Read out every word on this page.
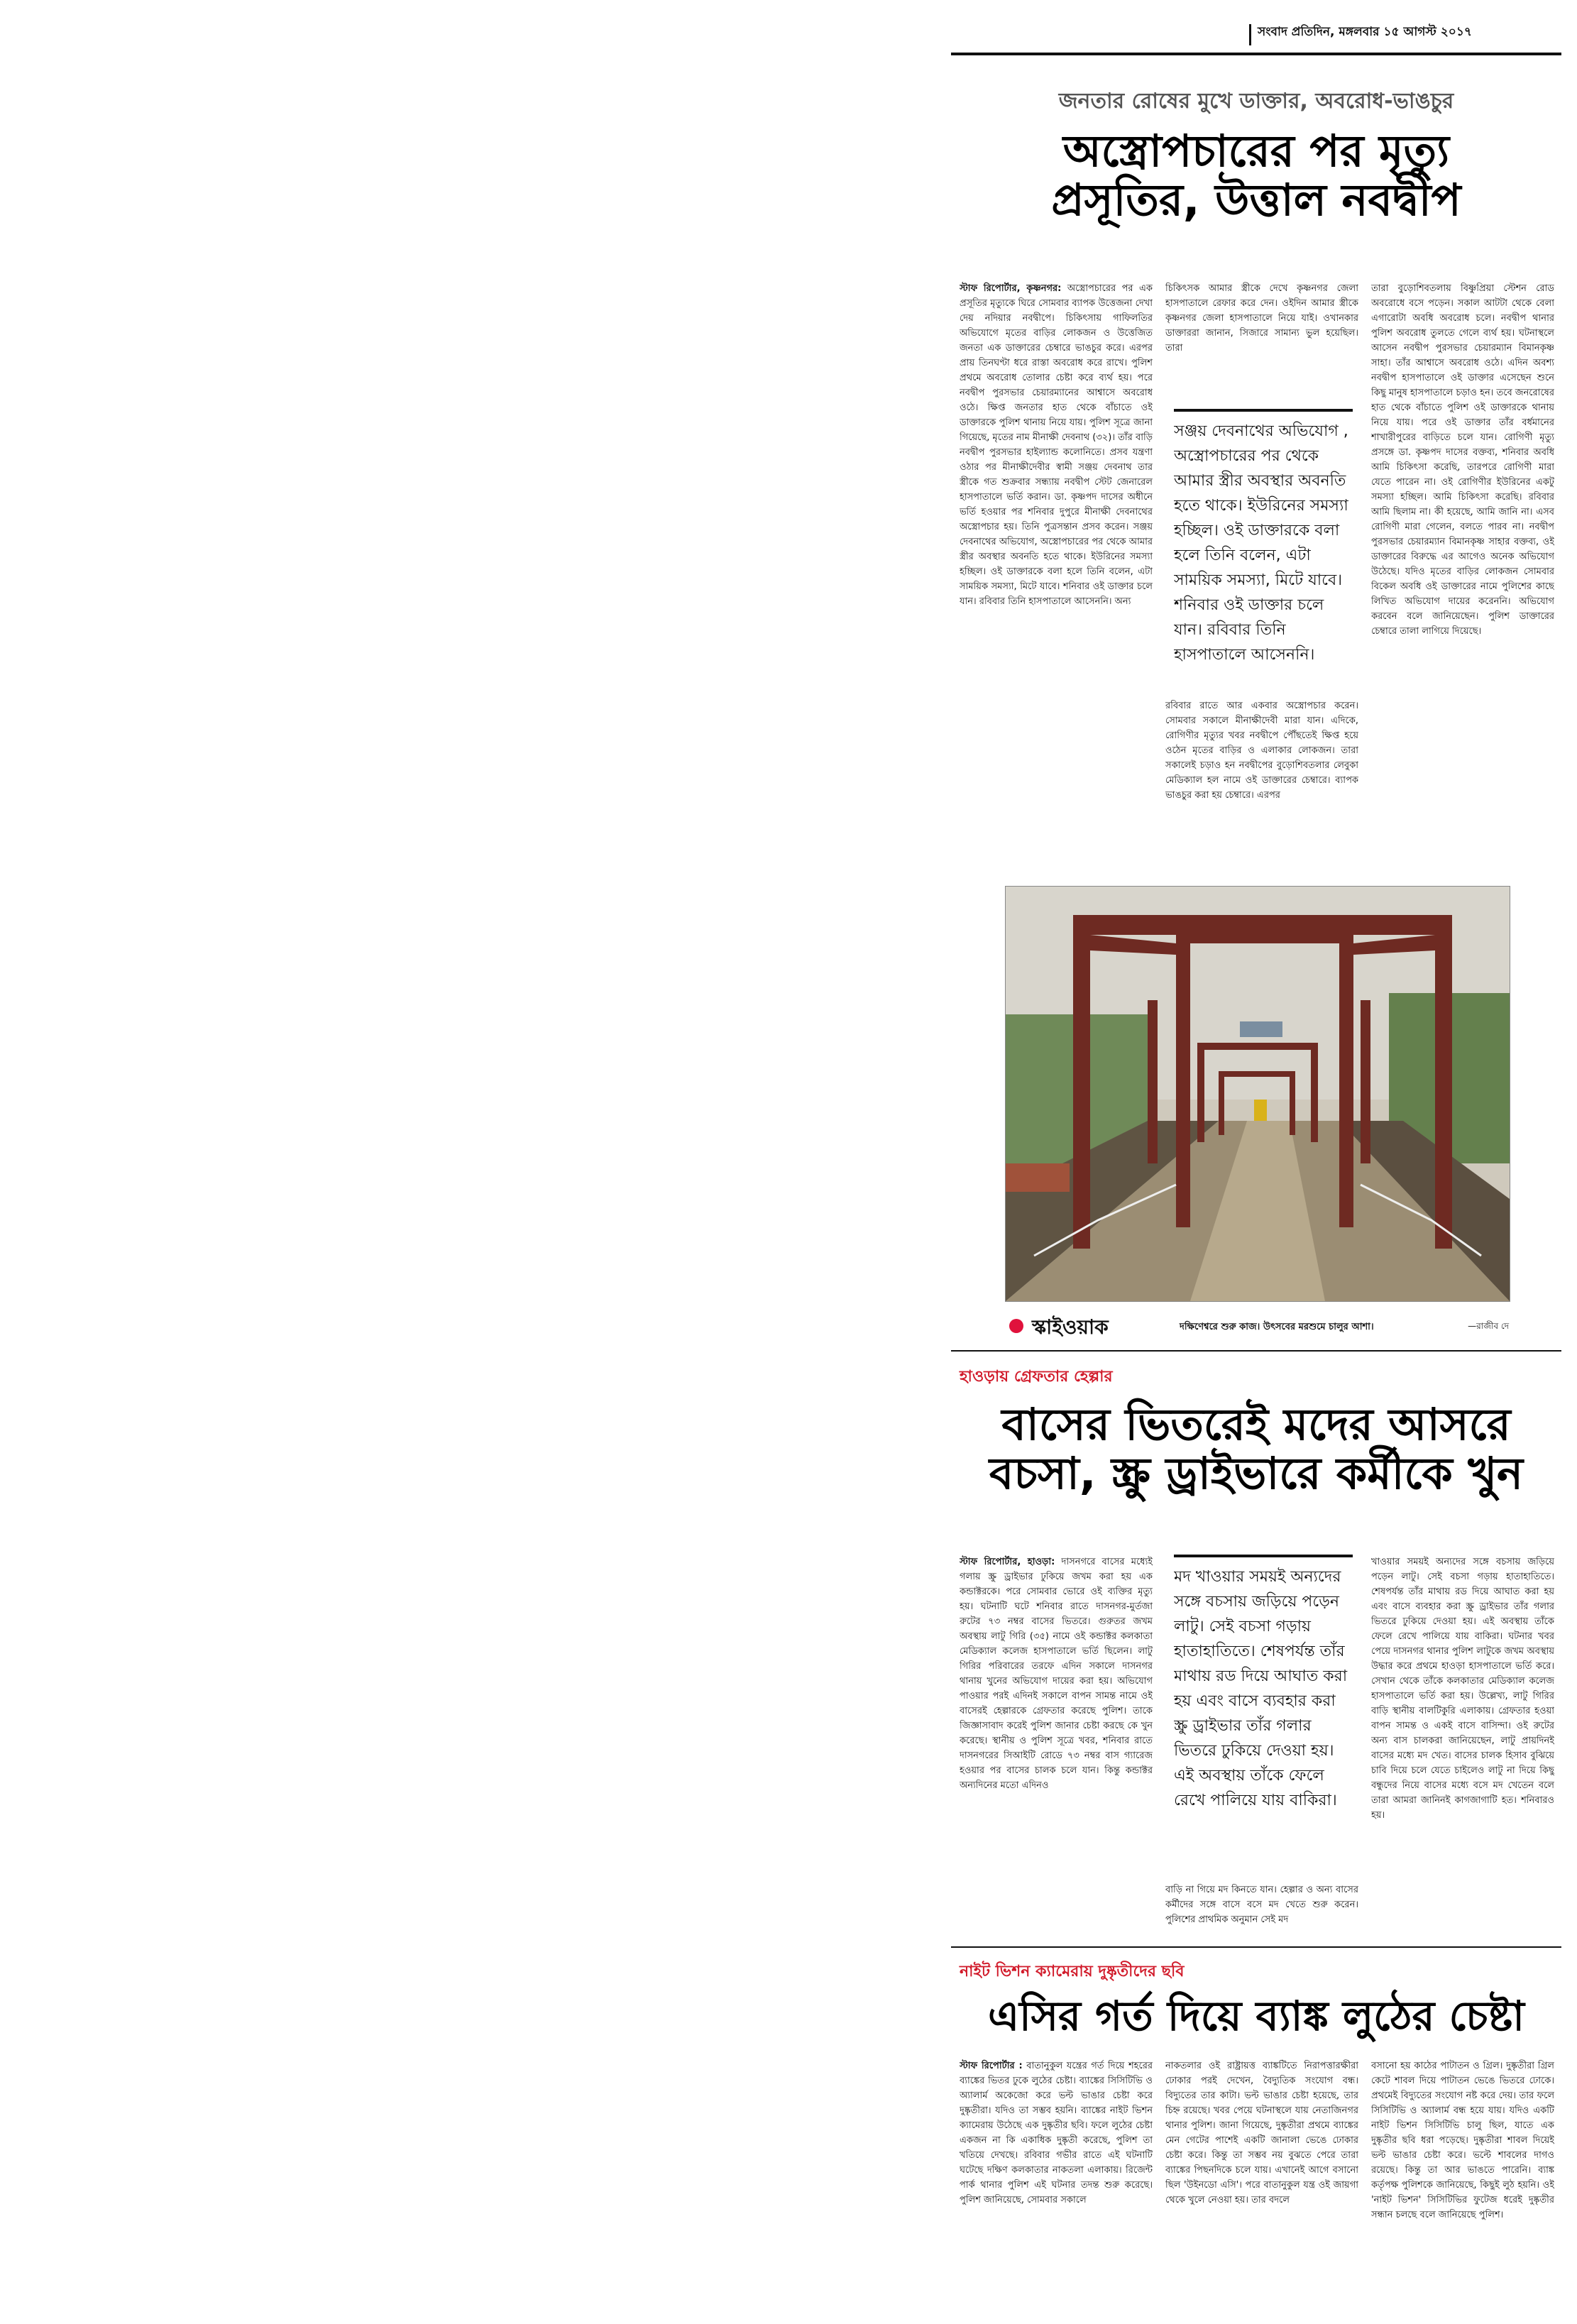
সংবাদ প্রতিদিন, মঙ্গলবার ১৫ আগস্ট ২০১৭
জনতার রোষের মুখে ডাক্তার, অবরোধ-ভাঙচুর
অস্ত্রোপচারের পর মৃত্যু
প্রসূতির, উত্তাল নবদ্বীপ

স্টাফ রিপোর্টার, কৃষ্ণনগর: অস্ত্রোপচারের পর এক প্রসূতির মৃত্যুকে ঘিরে সোমবার ব্যাপক উত্তেজনা দেখা দেয় নদিয়ার নবদ্বীপে। চিকিৎসায় গাফিলতির অভিযোগে মৃতের বাড়ির লোকজন ও উত্তেজিত জনতা এক ডাক্তারের চেম্বারে ভাঙচুর করে। এরপর প্রায় তিনঘণ্টা ধরে রাস্তা অবরোধ করে রাখে। পুলিশ প্রথমে অবরোধ তোলার চেষ্টা করে ব্যর্থ হয়। পরে নবদ্বীপ পুরসভার চেয়ারম্যানের আশ্বাসে অবরোধ ওঠে। ক্ষিপ্ত জনতার হাত থেকে বাঁচাতে ওই ডাক্তারকে পুলিশ থানায় নিয়ে যায়। পুলিশ সূত্রে জানা গিয়েছে, মৃতের নাম মীনাক্ষী দেবনাথ (৩২)। তাঁর বাড়ি নবদ্বীপ পুরসভার হাইল্যান্ড কলোনিতে। প্রসব যন্ত্রণা ওঠার পর মীনাক্ষীদেবীর স্বামী সঞ্জয় দেবনাথ তার স্ত্রীকে গত শুক্রবার সন্ধ্যায় নবদ্বীপ স্টেট জেনারেল হাসপাতালে ভর্তি করান। ডা. কৃষ্ণপদ দাসের অধীনে ভর্তি হওয়ার পর শনিবার দুপুরে মীনাক্ষী দেবনাথের অস্ত্রোপচার হয়। তিনি পুত্রসন্তান প্রসব করেন। সঞ্জয় দেবনাথের অভিযোগ, অস্ত্রোপচারের পর থেকে আমার স্ত্রীর অবস্থার অবনতি হতে থাকে। ইউরিনের সমস্যা হচ্ছিল। ওই ডাক্তারকে বলা হলে তিনি বলেন, এটা সাময়িক সমস্যা, মিটে যাবে। শনিবার ওই ডাক্তার চলে যান। রবিবার তিনি হাসপাতালে আসেননি। অন্য

চিকিৎসক আমার স্ত্রীকে দেখে কৃষ্ণনগর জেলা হাসপাতালে রেফার করে দেন। ওইদিন আমার স্ত্রীকে কৃষ্ণনগর জেলা হাসপাতালে নিয়ে যাই। ওখানকার ডাক্তাররা জানান, সিজারে সামান্য ভুল হয়েছিল। তারা

সঞ্জয় দেবনাথের অভিযোগ , অস্ত্রোপচারের পর থেকে আমার স্ত্রীর অবস্থার অবনতি হতে থাকে। ইউরিনের সমস্যা হচ্ছিল। ওই ডাক্তারকে বলা হলে তিনি বলেন, এটা সাময়িক সমস্যা, মিটে যাবে। শনিবার ওই ডাক্তার চলে যান। রবিবার তিনি হাসপাতালে আসেননি।

রবিবার রাতে আর একবার অস্ত্রোপচার করেন। সোমবার সকালে মীনাক্ষীদেবী মারা যান। এদিকে, রোগিণীর মৃত্যুর খবর নবদ্বীপে পৌঁছতেই ক্ষিপ্ত হয়ে ওঠেন মৃতের বাড়ির ও এলাকার লোকজন। তারা সকালেই চড়াও হন নবদ্বীপের বুড়োশিবতলার লেবুকা মেডিক্যাল হল নামে ওই ডাক্তারের চেম্বারে। ব্যাপক ভাঙচুর করা হয় চেম্বারে। এরপর

তারা বুড়োশিবতলায় বিষ্ণুপ্রিয়া স্টেশন রোড অবরোধে বসে পড়েন। সকাল আটটা থেকে বেলা এগারোটা অবধি অবরোধ চলে। নবদ্বীপ থানার পুলিশ অবরোধ তুলতে গেলে ব্যর্থ হয়। ঘটনাস্থলে আসেন নবদ্বীপ পুরসভার চেয়ারম্যান বিমানকৃষ্ণ সাহা। তাঁর আশ্বাসে অবরোধ ওঠে। এদিন অবশ্য নবদ্বীপ হাসপাতালে ওই ডাক্তার এসেছেন শুনে কিছু মানুষ হাসপাতালে চড়াও হন। তবে জনরোষের হাত থেকে বাঁচাতে পুলিশ ওই ডাক্তারকে থানায় নিয়ে যায়। পরে ওই ডাক্তার তাঁর বর্ধমানের শাখারীপুরের বাড়িতে চলে যান। রোগিণী মৃত্যু প্রসঙ্গে ডা. কৃষ্ণপদ দাসের বক্তব্য, শনিবার অবধি আমি চিকিৎসা করেছি, তারপরে রোগিণী মারা যেতে পারেন না। ওই রোগিণীর ইউরিনের একটু সমস্যা হচ্ছিল। আমি চিকিৎসা করেছি। রবিবার আমি ছিলাম না। কী হয়েছে, আমি জানি না। এসব রোগিণী মারা গেলেন, বলতে পারব না। নবদ্বীপ পুরসভার চেয়ারম্যান বিমানকৃষ্ণ সাহার বক্তব্য, ওই ডাক্তারের বিরুদ্ধে এর আগেও অনেক অভিযোগ উঠেছে। যদিও মৃতের বাড়ির লোকজন সোমবার বিকেল অবধি ওই ডাক্তারের নামে পুলিশের কাছে লিখিত অভিযোগ দায়ের করেননি। অভিযোগ করবেন বলে জানিয়েছেন। পুলিশ ডাক্তারের চেম্বারে তালা লাগিয়ে দিয়েছে।

স্কাইওয়াক	দক্ষিণেশ্বরে শুরু কাজ। উৎসবের মরশুমে চালুর আশা।	—রাজীব দে
হাওড়ায় গ্রেফতার হেল্পার
বাসের ভিতরেই মদের আসরে
বচসা, স্ক্রু ড্রাইভারে কর্মীকে খুন

স্টাফ রিপোর্টার, হাওড়া: দাসনগরে বাসের মধ্যেই গলায় স্ক্রু ড্রাইভার ঢুকিয়ে জখম করা হয় এক কন্ডাক্টরকে। পরে সোমবার ভোরে ওই ব্যক্তির মৃত্যু হয়। ঘটনাটি ঘটে শনিবার রাতে দাসনগর-মুর্তজা রুটের ৭৩ নম্বর বাসের ভিতরে। গুরুতর জখম অবস্থায় লাটু গিরি (৩৫) নামে ওই কন্ডাক্টর কলকাতা মেডিক্যাল কলেজ হাসপাতালে ভর্তি ছিলেন। লাটু গিরির পরিবারের তরফে এদিন সকালে দাসনগর থানায় খুনের অভিযোগ দায়ের করা হয়। অভিযোগ পাওয়ার পরই এদিনই সকালে বাপন সামন্ত নামে ওই বাসেরই হেল্পারকে গ্রেফতার করেছে পুলিশ। তাকে জিজ্ঞাসাবাদ করেই পুলিশ জানার চেষ্টা করছে কে খুন করেছে। স্থানীয় ও পুলিশ সূত্রে খবর, শনিবার রাতে দাসনগরের সিআইটি রোডে ৭৩ নম্বর বাস গ্যারেজ হওয়ার পর বাসের চালক চলে যান। কিন্তু কন্ডাক্টর অন্যদিনের মতো এদিনও

মদ খাওয়ার সময়ই অন্যদের সঙ্গে বচসায় জড়িয়ে পড়েন লাটু। সেই বচসা গড়ায় হাতাহাতিতে। শেষপর্যন্ত তাঁর মাথায় রড দিয়ে আঘাত করা হয় এবং বাসে ব্যবহার করা স্ক্রু ড্রাইভার তাঁর গলার ভিতরে ঢুকিয়ে দেওয়া হয়। এই অবস্থায় তাঁকে ফেলে রেখে পালিয়ে যায় বাকিরা।

বাড়ি না গিয়ে মদ কিনতে যান। হেল্পার ও অন্য বাসের কর্মীদের সঙ্গে বাসে বসে মদ খেতে শুরু করেন। পুলিশের প্রাথমিক অনুমান সেই মদ

খাওয়ার সময়ই অন্যদের সঙ্গে বচসায় জড়িয়ে পড়েন লাটু। সেই বচসা গড়ায় হাতাহাতিতে। শেষপর্যন্ত তাঁর মাথায় রড দিয়ে আঘাত করা হয় এবং বাসে ব্যবহার করা স্ক্রু ড্রাইভার তাঁর গলার ভিতরে ঢুকিয়ে দেওয়া হয়। এই অবস্থায় তাঁকে ফেলে রেখে পালিয়ে যায় বাকিরা। ঘটনার খবর পেয়ে দাসনগর থানার পুলিশ লাটুকে জখম অবস্থায় উদ্ধার করে প্রথমে হাওড়া হাসপাতালে ভর্তি করে। সেখান থেকে তাঁকে কলকাতার মেডিক্যাল কলেজ হাসপাতালে ভর্তি করা হয়। উল্লেখ্য, লাটু গিরির বাড়ি স্থানীয় বালটিকুরি এলাকায়। গ্রেফতার হওয়া বাপন সামন্ত ও একই বাসে বাসিন্দা। ওই রুটের অন্য বাস চালকরা জানিয়েছেন, লাটু প্রায়দিনই বাসের মধ্যে মদ খেত। বাসের চালক হিসাব বুঝিয়ে চাবি দিয়ে চলে যেতে চাইলেও লাটু না দিয়ে কিছু বন্ধুদের নিয়ে বাসের মধ্যে বসে মদ খেতেন বলে তারা আমরা জানিনই কাগজাগাটি হত। শনিবারও হয়।

নাইট ভিশন ক্যামেরায় দুষ্কৃতীদের ছবি
এসির গর্ত দিয়ে ব্যাঙ্ক লুঠের চেষ্টা

স্টাফ রিপোর্টার : বাতানুকুল যন্ত্রের গর্ত দিয়ে শহরের ব্যাঙ্কের ভিতর ঢুকে লুঠের চেষ্টা। ব্যাঙ্কের সিসিটিভি ও অ্যালার্ম অকেজো করে ভল্ট ভাঙার চেষ্টা করে দুষ্কৃতীরা। যদিও তা সম্ভব হয়নি। ব্যাঙ্কের নাইট ভিশন ক্যামেরায় উঠেছে এক দুষ্কৃতীর ছবি। ফলে লুঠের চেষ্টা একজন না কি একাধিক দুষ্কৃতী করেছে, পুলিশ তা খতিয়ে দেখছে। রবিবার গভীর রাতে এই ঘটনাটি ঘটেছে দক্ষিণ কলকাতার নাকতলা এলাকায়। রিজেন্ট পার্ক থানার পুলিশ এই ঘটনার তদন্ত শুরু করেছে। পুলিশ জানিয়েছে, সোমবার সকালে

নাকতলার ওই রাষ্ট্রায়ত্ত ব্যাঙ্কটিতে নিরাপত্তারক্ষীরা ঢোকার পরই দেখেন, বৈদ্যুতিক সংযোগ বন্ধ। বিদ্যুতের তার কাটা। ভল্ট ভাঙার চেষ্টা হয়েছে, তার চিহ্ন রয়েছে। খবর পেয়ে ঘটনাস্থলে যায় নেতাজিনগর থানার পুলিশ। জানা গিয়েছে, দুষ্কৃতীরা প্রথমে ব্যাঙ্কের মেন গেটের পাশেই একটি জানালা ভেঙে ঢোকার চেষ্টা করে। কিন্তু তা সম্ভব নয় বুঝতে পেরে তারা ব্যাঙ্কের পিছনদিকে চলে যায়। এখানেই আগে বসানো ছিল 'উইনডো এসি'। পরে বাতানুকুল যন্ত্র ওই জায়গা থেকে খুলে নেওয়া হয়। তার বদলে

বসানো হয় কাঠের পাটাতন ও গ্রিল। দুষ্কৃতীরা গ্রিল কেটে শাবল দিয়ে পাটাতন ভেঙে ভিতরে ঢোকে। প্রথমেই বিদ্যুতের সংযোগ নষ্ট করে দেয়। তার ফলে সিসিটিভি ও অ্যালার্ম বন্ধ হয়ে যায়। যদিও একটি নাইট ভিশন সিসিটিভি চালু ছিল, যাতে এক দুষ্কৃতীর ছবি ধরা পড়েছে। দুষ্কৃতীরা শাবল দিয়েই ভল্ট ভাঙার চেষ্টা করে। ভল্টে শাবলের দাগও রয়েছে। কিন্তু তা আর ভাঙতে পারেনি। ব্যাঙ্ক কর্তৃপক্ষ পুলিশকে জানিয়েছে, কিছুই লুঠ হয়নি। ওই 'নাইট ভিশন' সিসিটিভির ফুটেজ ধরেই দুষ্কৃতীর সন্ধান চলছে বলে জানিয়েছে পুলিশ।
